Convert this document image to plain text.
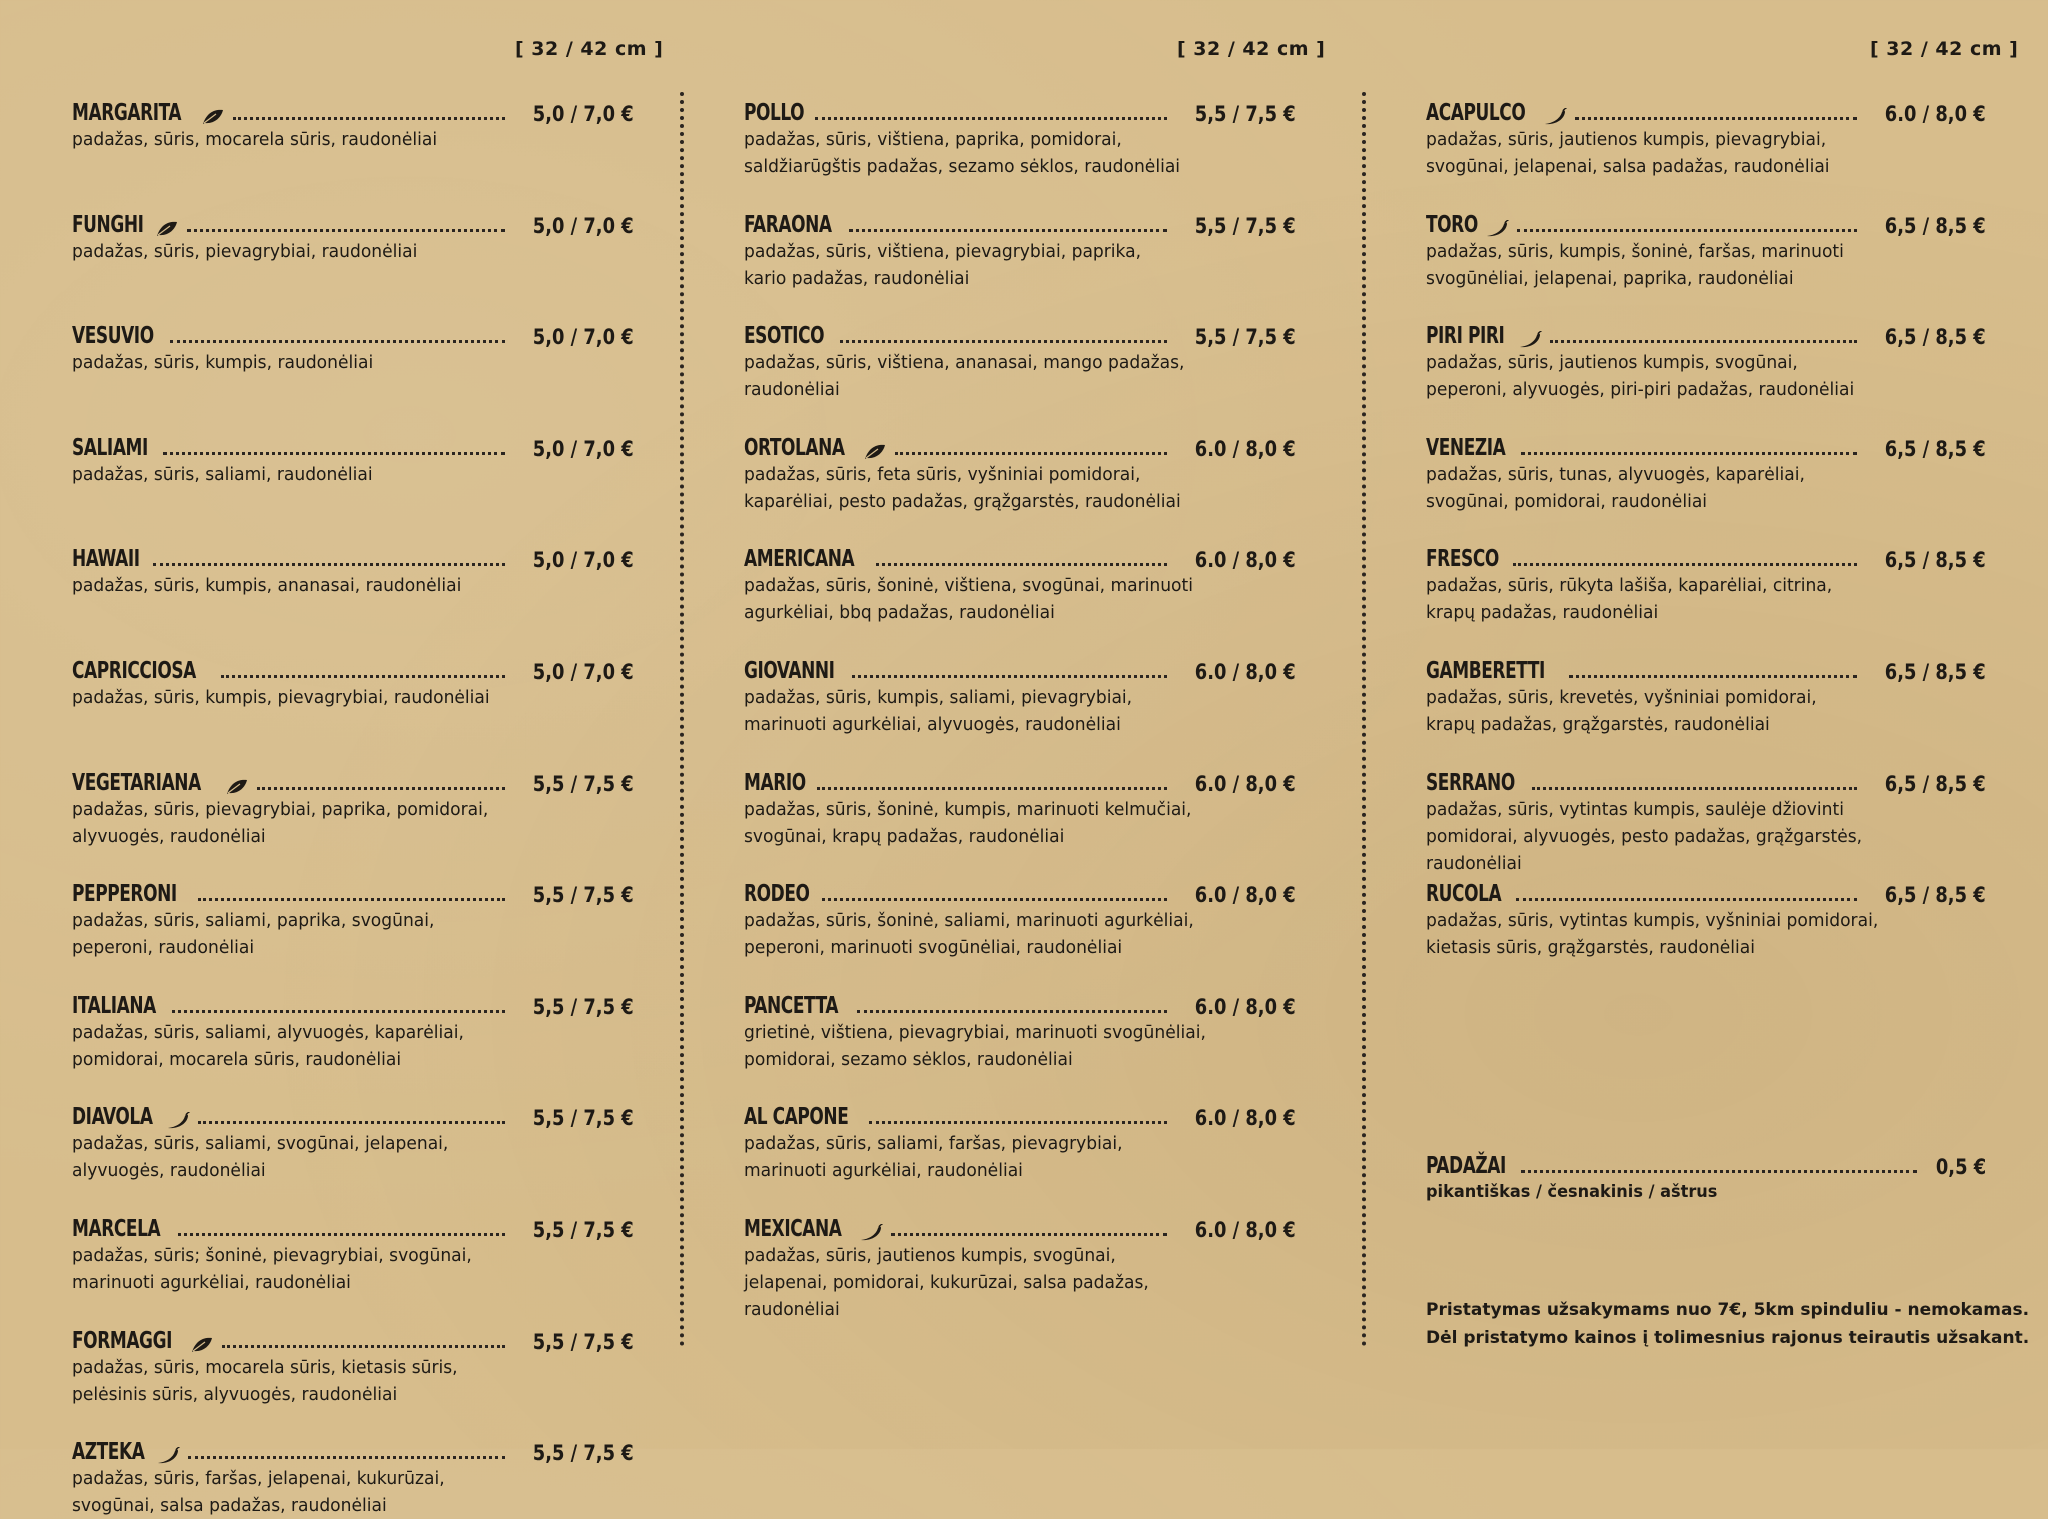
[ 32 / 42 cm ]	[ 32 / 42 cm ]	[ 32 / 42 cm ]
MARGARITA	5,0 / 7,0 €
padažas, sūris, mocarela sūris, raudonėliai
FUNGHI	5,0 / 7,0 €
padažas, sūris, pievagrybiai, raudonėliai
VESUVIO	5,0 / 7,0 €
padažas, sūris, kumpis, raudonėliai
SALIAMI	5,0 / 7,0 €
padažas, sūris, saliami, raudonėliai
HAWAII	5,0 / 7,0 €
padažas, sūris, kumpis, ananasai, raudonėliai
CAPRICCIOSA	5,0 / 7,0 €
padažas, sūris, kumpis, pievagrybiai, raudonėliai
VEGETARIANA	5,5 / 7,5 €
padažas, sūris, pievagrybiai, paprika, pomidorai,
alyvuogės, raudonėliai
PEPPERONI	5,5 / 7,5 €
padažas, sūris, saliami, paprika, svogūnai,
peperoni, raudonėliai
ITALIANA	5,5 / 7,5 €
padažas, sūris, saliami, alyvuogės, kaparėliai,
pomidorai, mocarela sūris, raudonėliai
DIAVOLA	5,5 / 7,5 €
padažas, sūris, saliami, svogūnai, jelapenai,
alyvuogės, raudonėliai
MARCELA	5,5 / 7,5 €
padažas, sūris; šoninė, pievagrybiai, svogūnai,
marinuoti agurkėliai, raudonėliai
FORMAGGI	5,5 / 7,5 €
padažas, sūris, mocarela sūris, kietasis sūris,
pelėsinis sūris, alyvuogės, raudonėliai
AZTEKA	5,5 / 7,5 €
padažas, sūris, faršas, jelapenai, kukurūzai,
svogūnai, salsa padažas, raudonėliai
POLLO	5,5 / 7,5 €
padažas, sūris, vištiena, paprika, pomidorai,
saldžiarūgštis padažas, sezamo sėklos, raudonėliai
FARAONA	5,5 / 7,5 €
padažas, sūris, vištiena, pievagrybiai, paprika,
kario padažas, raudonėliai
ESOTICO	5,5 / 7,5 €
padažas, sūris, vištiena, ananasai, mango padažas,
raudonėliai
ORTOLANA	6.0 / 8,0 €
padažas, sūris, feta sūris, vyšniniai pomidorai,
kaparėliai, pesto padažas, grąžgarstės, raudonėliai
AMERICANA	6.0 / 8,0 €
padažas, sūris, šoninė, vištiena, svogūnai, marinuoti
agurkėliai, bbq padažas, raudonėliai
GIOVANNI	6.0 / 8,0 €
padažas, sūris, kumpis, saliami, pievagrybiai,
marinuoti agurkėliai, alyvuogės, raudonėliai
MARIO	6.0 / 8,0 €
padažas, sūris, šoninė, kumpis, marinuoti kelmučiai,
svogūnai, krapų padažas, raudonėliai
RODEO	6.0 / 8,0 €
padažas, sūris, šoninė, saliami, marinuoti agurkėliai,
peperoni, marinuoti svogūnėliai, raudonėliai
PANCETTA	6.0 / 8,0 €
grietinė, vištiena, pievagrybiai, marinuoti svogūnėliai,
pomidorai, sezamo sėklos, raudonėliai
AL CAPONE	6.0 / 8,0 €
padažas, sūris, saliami, faršas, pievagrybiai,
marinuoti agurkėliai, raudonėliai
MEXICANA	6.0 / 8,0 €
padažas, sūris, jautienos kumpis, svogūnai,
jelapenai, pomidorai, kukurūzai, salsa padažas,
raudonėliai
ACAPULCO	6.0 / 8,0 €
padažas, sūris, jautienos kumpis, pievagrybiai,
svogūnai, jelapenai, salsa padažas, raudonėliai
TORO	6,5 / 8,5 €
padažas, sūris, kumpis, šoninė, faršas, marinuoti
svogūnėliai, jelapenai, paprika, raudonėliai
PIRI PIRI	6,5 / 8,5 €
padažas, sūris, jautienos kumpis, svogūnai,
peperoni, alyvuogės, piri-piri padažas, raudonėliai
VENEZIA	6,5 / 8,5 €
padažas, sūris, tunas, alyvuogės, kaparėliai,
svogūnai, pomidorai, raudonėliai
FRESCO	6,5 / 8,5 €
padažas, sūris, rūkyta lašiša, kaparėliai, citrina,
krapų padažas, raudonėliai
GAMBERETTI	6,5 / 8,5 €
padažas, sūris, krevetės, vyšniniai pomidorai,
krapų padažas, grąžgarstės, raudonėliai
SERRANO	6,5 / 8,5 €
padažas, sūris, vytintas kumpis, saulėje džiovinti
pomidorai, alyvuogės, pesto padažas, grąžgarstės,
raudonėliai
RUCOLA	6,5 / 8,5 €
padažas, sūris, vytintas kumpis, vyšniniai pomidorai,
kietasis sūris, grąžgarstės, raudonėliai
PADAŽAI	0,5 €
pikantiškas / česnakinis / aštrus
Pristatymas užsakymams nuo 7€, 5km spinduliu - nemokamas.
Dėl pristatymo kainos į tolimesnius rajonus teirautis užsakant.
